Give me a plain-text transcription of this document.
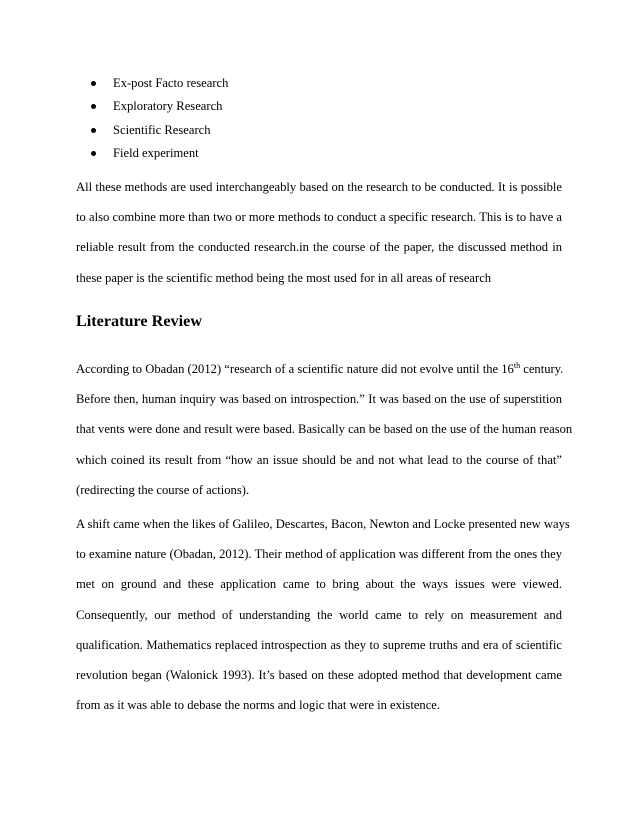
Ex-post Facto research
Exploratory Research
Scientific Research
Field experiment

All these methods are used interchangeably based on the research to be conducted. It is possible
to also combine more than two or more methods to conduct a specific research. This is to have a
reliable result from the conducted research.in the course of the paper, the discussed method in
these paper is the scientific method being the most used for in all areas of research

Literature Review

According to Obadan (2012) “research of a scientific nature did not evolve until the 16th century.
Before then, human inquiry was based on introspection.” It was based on the use of superstition
that vents were done and result were based. Basically can be based on the use of the human reason
which coined its result from “how an issue should be and not what lead to the course of that”
(redirecting the course of actions).

A shift came when the likes of Galileo, Descartes, Bacon, Newton and Locke presented new ways
to examine nature (Obadan, 2012). Their method of application was different from the ones they
met on ground and these application came to bring about the ways issues were viewed.
Consequently, our method of understanding the world came to rely on measurement and
qualification. Mathematics replaced introspection as they to supreme truths and era of scientific
revolution began (Walonick 1993). It’s based on these adopted method that development came
from as it was able to debase the norms and logic that were in existence.
